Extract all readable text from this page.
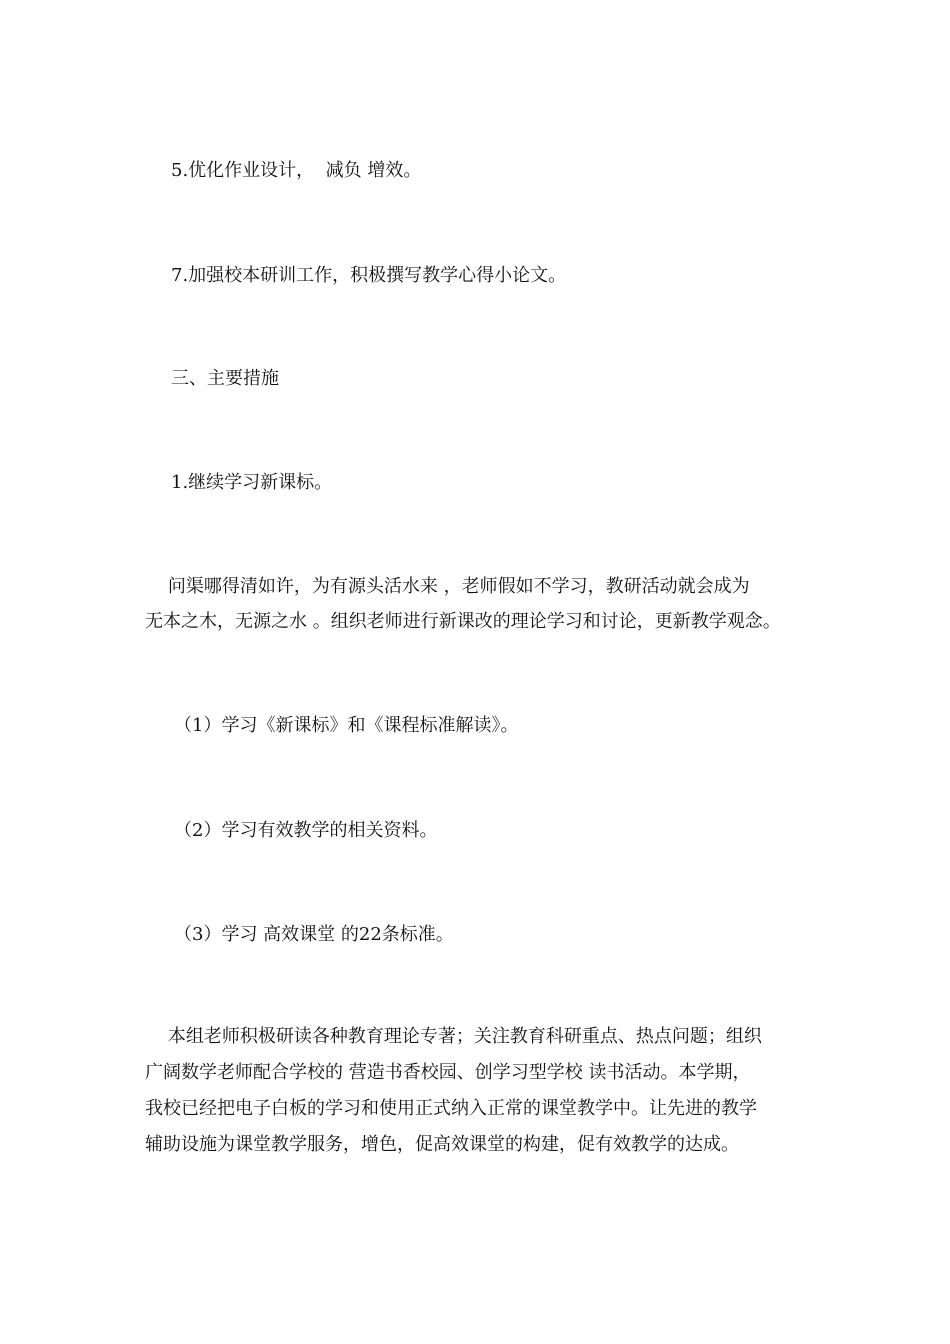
5.优化作业设计，  减负 增效。

7.加强校本研训工作，积极撰写教学心得小论文。

三、主要措施

1.继续学习新课标。

问渠哪得清如许，为有源头活水来 ，老师假如不学习，教研活动就会成为

无本之木，无源之水 。组织老师进行新课改的理论学习和讨论，更新教学观念。

（1）学习《新课标》和《课程标准解读》。

（2）学习有效教学的相关资料。

（3）学习 高效课堂 的22条标准。

本组老师积极研读各种教育理论专著；关注教育科研重点、热点问题；组织

广阔数学老师配合学校的 营造书香校园、创学习型学校 读书活动。本学期，

我校已经把电子白板的学习和使用正式纳入正常的课堂教学中。让先进的教学

辅助设施为课堂教学服务，增色，促高效课堂的构建，促有效教学的达成。
